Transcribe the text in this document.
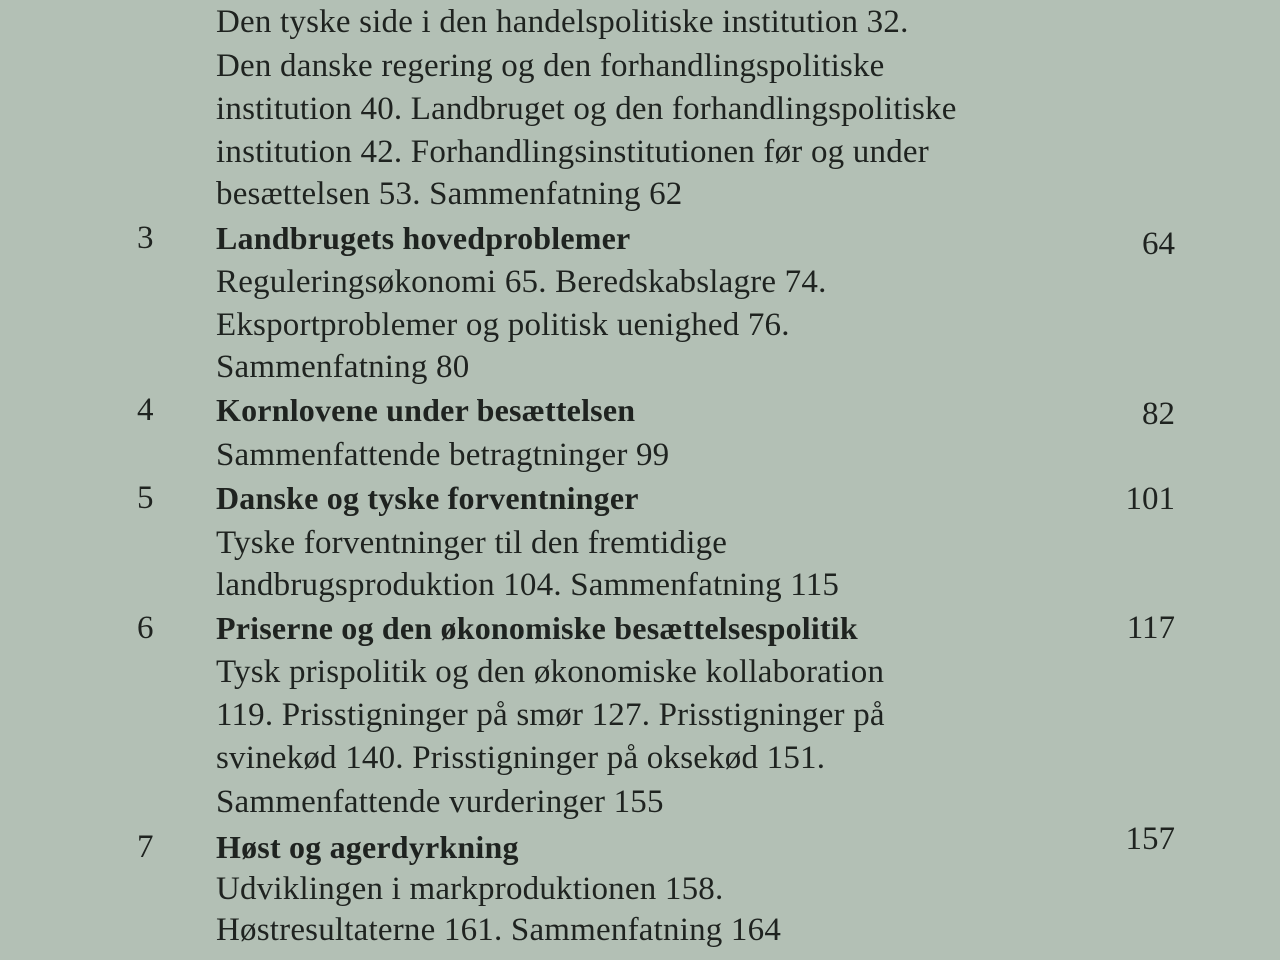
Den tyske side i den handelspolitiske institution 32.
Den danske regering og den forhandlingspolitiske
institution 40. Landbruget og den forhandlingspolitiske
institution 42. Forhandlingsinstitutionen før og under
besættelsen 53. Sammenfatning 62
3 Landbrugets hovedproblemer	64
Reguleringsøkonomi 65. Beredskabslagre 74.
Eksportproblemer og politisk uenighed 76.
Sammenfatning 80
4 Kornlovene under besættelsen	82
Sammenfattende betragtninger 99
5 Danske og tyske forventninger	101
Tyske forventninger til den fremtidige
landbrugsproduktion 104. Sammenfatning 115
6 Priserne og den økonomiske besættelsespolitik	117
Tysk prispolitik og den økonomiske kollaboration
119. Prisstigninger på smør 127. Prisstigninger på
svinekød 140. Prisstigninger på oksekød 151.
Sammenfattende vurderinger 155
7 Høst og agerdyrkning	157
Udviklingen i markproduktionen 158.
Høstresultaterne 161. Sammenfatning 164
